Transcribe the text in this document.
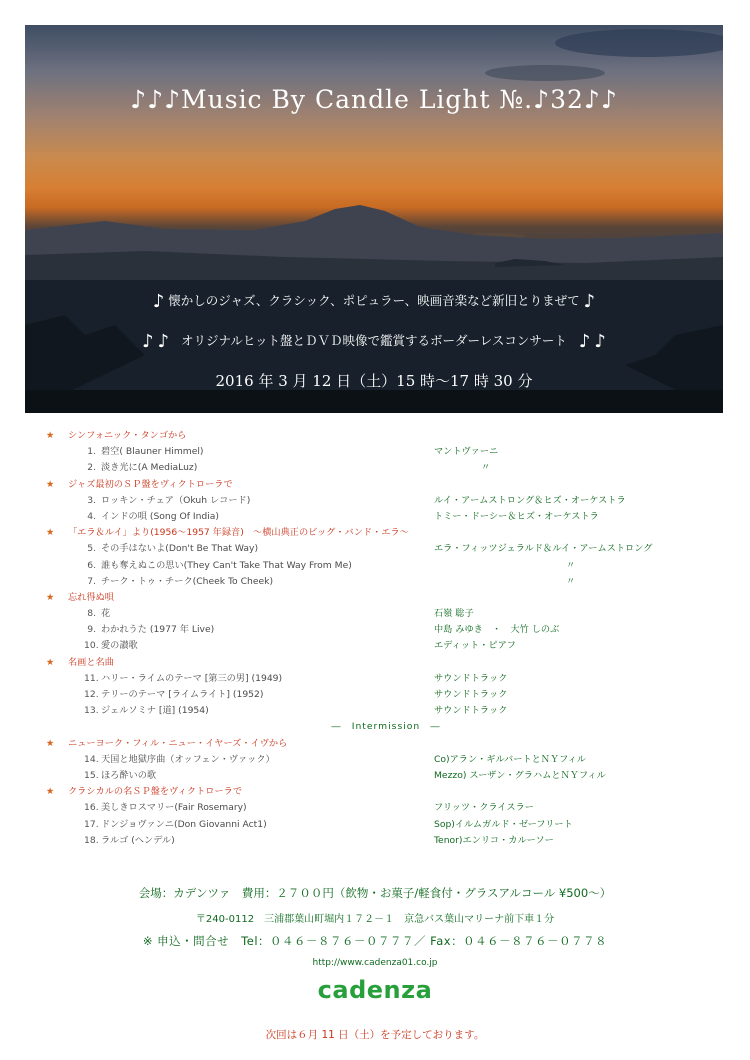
♪♪♪Music By Candle Light №.♪32♪♪
♪ 懐かしのジャズ、クラシック、ポピュラー、映画音楽など新旧とりまぜて ♪
♪ ♪ オリジナルヒット盤とＤＶＤ映像で鑑賞するボーダーレスコンサート ♪ ♪
2016 年 3 月 12 日（土）15 時～17 時 30 分
★ シンフォニック・タンゴから
1. 碧空( Blauner Himmel)	マントヴァーニ
2. 淡き光に(A MediaLuz)	〃
★ ジャズ最初のＳＰ盤をヴィクトローラで
3. ロッキン・チェア（Okuh レコード)	ルイ・アームストロング＆ヒズ・オーケストラ
4. インドの唄 (Song Of India)	トミー・ドーシー＆ヒズ・オーケストラ
★ 「エラ＆ルイ」より(1956～1957 年録音)　～横山典正のビッグ・バンド・エラ～
5. その手はないよ(Don't Be That Way)	エラ・フィッツジェラルド＆ルイ・アームストロング
6. 誰も奪えぬこの思い(They Can't Take That Way From Me)	〃
7. チーク・トゥ・チーク(Cheek To Cheek)	〃
★ 忘れ得ぬ唄
8. 花	石嶺 聡子
9. わかれうた (1977 年 Live)	中島 みゆき　・　大竹 しのぶ
10. 愛の讃歌	エディット・ピアフ
★ 名画と名曲
11. ハリー・ライムのテーマ [第三の男] (1949)	サウンドトラック
12. テリーのテーマ [ライムライト] (1952)	サウンドトラック
13. ジェルソミナ [道] (1954)	サウンドトラック
―　Intermission　―
★ ニューヨーク・フィル・ニュー・イヤーズ・イヴから
14. 天国と地獄序曲（オッフェン・ヴァック）	Co)アラン・ギルバートとＮＹフィル
15. ほろ酔いの歌	Mezzo) スーザン・グラハムとＮＹフィル
★ クラシカルの名ＳＰ盤をヴィクトローラで
16. 美しきロスマリー(Fair Rosemary)	フリッツ・クライスラー
17. ドンジョヴァンニ(Don Giovanni Act1)	Sop)イルムガルド・ゼーフリート
18. ラルゴ (ヘンデル)	Tenor)エンリコ・カルーソー
会場：カデンツァ　費用：２７００円（飲物・お菓子/軽食付・グラスアルコール ¥500～）
〒240-0112　三浦郡葉山町堀内１７２－１　京急バス葉山マリーナ前下車１分
※ 申込・問合せ　Tel：０４６－８７６－０７７７／ Fax：０４６－８７６－０７７８
http://www.cadenza01.co.jp
cadenza
次回は６月 11 日（土）を予定しております。
